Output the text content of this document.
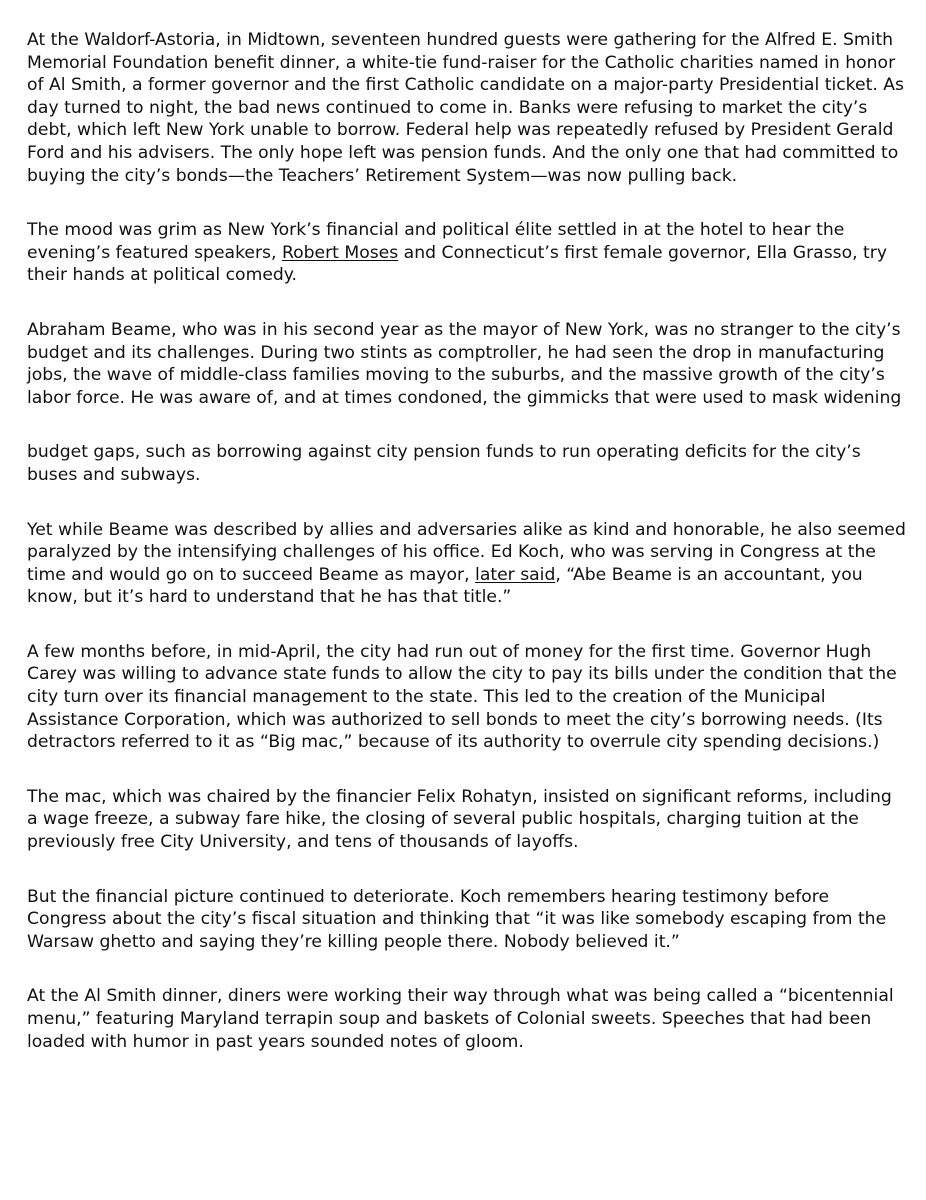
At the Waldorf-Astoria, in Midtown, seventeen hundred guests were gathering for the Alfred E. Smith Memorial Foundation benefit dinner, a white-tie fund-raiser for the Catholic charities named in honor of Al Smith, a former governor and the first Catholic candidate on a major-party Presidential ticket. As day turned to night, the bad news continued to come in. Banks were refusing to market the city’s debt, which left New York unable to borrow. Federal help was repeatedly refused by President Gerald Ford and his advisers. The only hope left was pension funds. And the only one that had committed to buying the city’s bonds—the Teachers’ Retirement System—was now pulling back.

The mood was grim as New York’s financial and political élite settled in at the hotel to hear the evening’s featured speakers, Robert Moses and Connecticut’s first female governor, Ella Grasso, try their hands at political comedy.

Abraham Beame, who was in his second year as the mayor of New York, was no stranger to the city’s budget and its challenges. During two stints as comptroller, he had seen the drop in manufacturing jobs, the wave of middle-class families moving to the suburbs, and the massive growth of the city’s labor force. He was aware of, and at times condoned, the gimmicks that were used to mask widening

budget gaps, such as borrowing against city pension funds to run operating deficits for the city’s buses and subways.

Yet while Beame was described by allies and adversaries alike as kind and honorable, he also seemed paralyzed by the intensifying challenges of his office. Ed Koch, who was serving in Congress at the time and would go on to succeed Beame as mayor, later said, “Abe Beame is an accountant, you know, but it’s hard to understand that he has that title.”

A few months before, in mid-April, the city had run out of money for the first time. Governor Hugh Carey was willing to advance state funds to allow the city to pay its bills under the condition that the city turn over its financial management to the state. This led to the creation of the Municipal Assistance Corporation, which was authorized to sell bonds to meet the city’s borrowing needs. (Its detractors referred to it as “Big mac,” because of its authority to overrule city spending decisions.)

The mac, which was chaired by the financier Felix Rohatyn, insisted on significant reforms, including a wage freeze, a subway fare hike, the closing of several public hospitals, charging tuition at the previously free City University, and tens of thousands of layoffs.

But the financial picture continued to deteriorate. Koch remembers hearing testimony before Congress about the city’s fiscal situation and thinking that “it was like somebody escaping from the Warsaw ghetto and saying they’re killing people there. Nobody believed it.”

At the Al Smith dinner, diners were working their way through what was being called a “bicentennial menu,” featuring Maryland terrapin soup and baskets of Colonial sweets. Speeches that had been loaded with humor in past years sounded notes of gloom.
